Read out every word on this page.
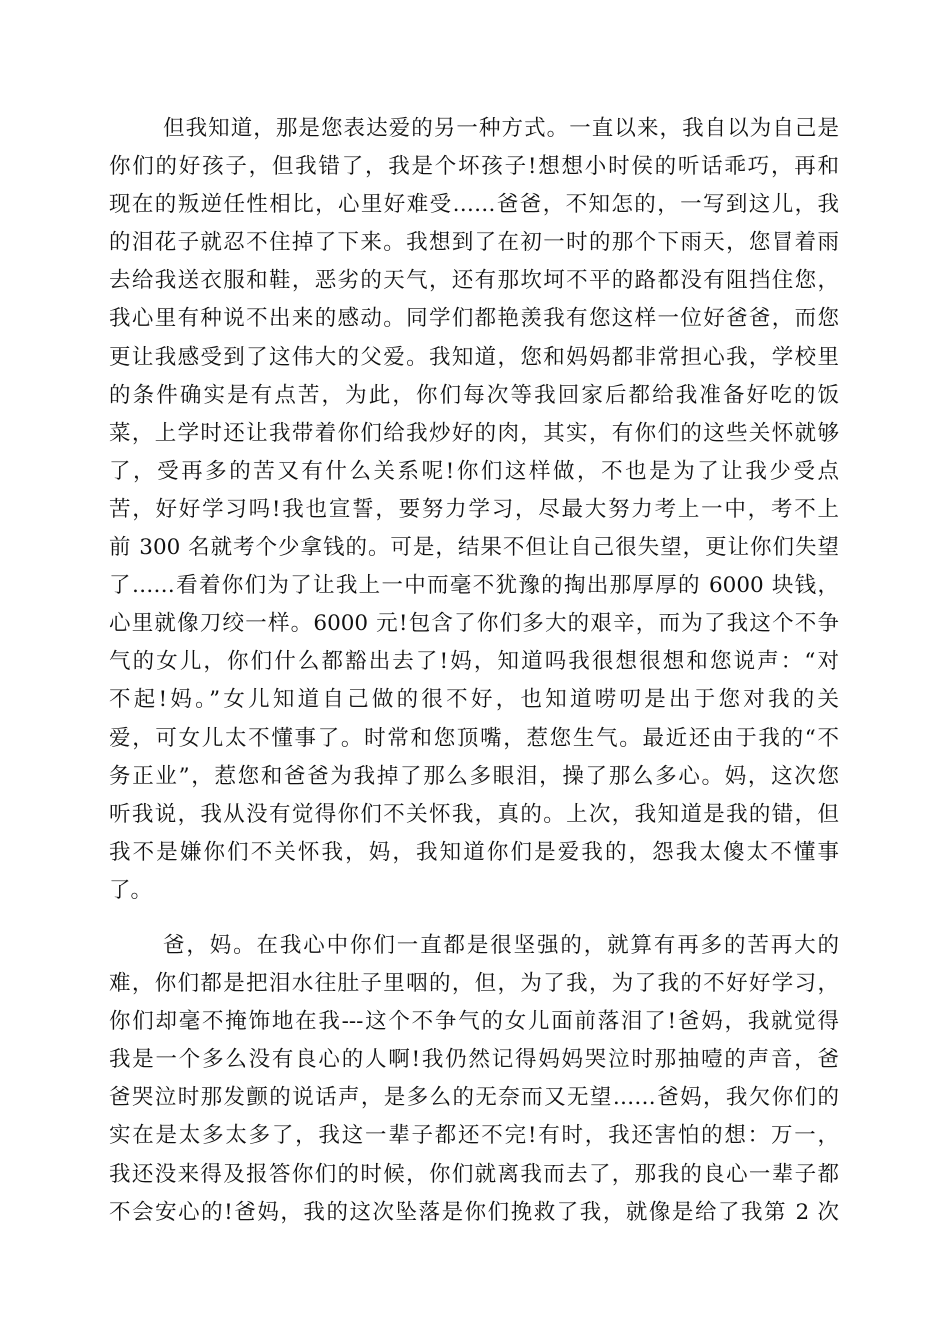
但我知道，那是您表达爱的另一种方式。一直以来，我自以为自己是
你们的好孩子，但我错了，我是个坏孩子!想想小时侯的听话乖巧，再和
现在的叛逆任性相比，心里好难受……爸爸，不知怎的，一写到这儿，我
的泪花子就忍不住掉了下来。我想到了在初一时的那个下雨天，您冒着雨
去给我送衣服和鞋，恶劣的天气，还有那坎坷不平的路都没有阻挡住您，
我心里有种说不出来的感动。同学们都艳羡我有您这样一位好爸爸，而您
更让我感受到了这伟大的父爱。我知道，您和妈妈都非常担心我，学校里
的条件确实是有点苦，为此，你们每次等我回家后都给我准备好吃的饭
菜，上学时还让我带着你们给我炒好的肉，其实，有你们的这些关怀就够
了，受再多的苦又有什么关系呢!你们这样做，不也是为了让我少受点
苦，好好学习吗!我也宣誓，要努力学习，尽最大努力考上一中，考不上
前 300 名就考个少拿钱的。可是，结果不但让自己很失望，更让你们失望
了……看着你们为了让我上一中而毫不犹豫的掏出那厚厚的 6000 块钱，
心里就像刀绞一样。6000 元!包含了你们多大的艰辛，而为了我这个不争
气的女儿，你们什么都豁出去了!妈，知道吗我很想很想和您说声：“对
不起!妈。”女儿知道自己做的很不好，也知道唠叨是出于您对我的关
爱，可女儿太不懂事了。时常和您顶嘴，惹您生气。最近还由于我的“不
务正业”，惹您和爸爸为我掉了那么多眼泪，操了那么多心。妈，这次您
听我说，我从没有觉得你们不关怀我，真的。上次，我知道是我的错，但
我不是嫌你们不关怀我，妈，我知道你们是爱我的，怨我太傻太不懂事
了。
爸，妈。在我心中你们一直都是很坚强的，就算有再多的苦再大的
难，你们都是把泪水往肚子里咽的，但，为了我，为了我的不好好学习，
你们却毫不掩饰地在我---这个不争气的女儿面前落泪了!爸妈，我就觉得
我是一个多么没有良心的人啊!我仍然记得妈妈哭泣时那抽噎的声音，爸
爸哭泣时那发颤的说话声，是多么的无奈而又无望……爸妈，我欠你们的
实在是太多太多了，我这一辈子都还不完!有时，我还害怕的想：万一，
我还没来得及报答你们的时候，你们就离我而去了，那我的良心一辈子都
不会安心的!爸妈，我的这次坠落是你们挽救了我，就像是给了我第 2 次
